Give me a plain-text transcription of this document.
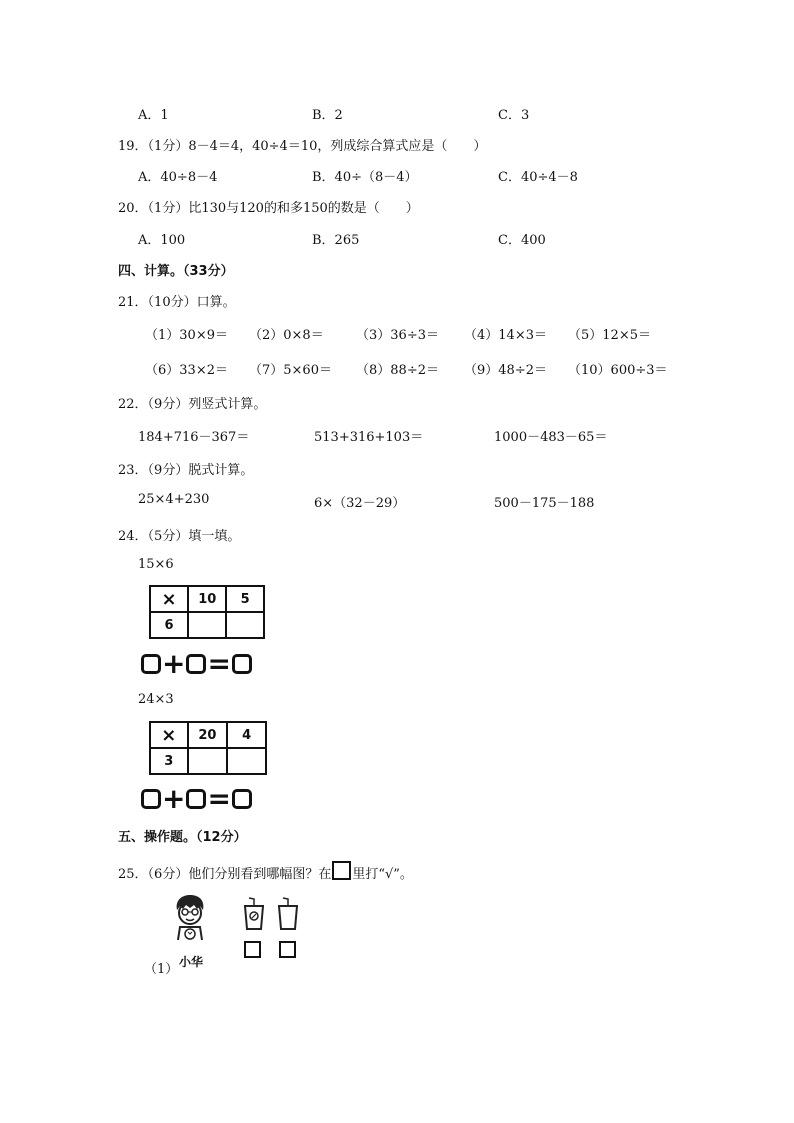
A．1	B．2	C．3
19．（1分）8－4＝4，40÷4＝10，列成综合算式应是（　　）
A．40÷8－4	B．40÷（8－4）	C．40÷4－8
20．（1分）比130与120的和多150的数是（　　）
A．100	B．265	C．400
四、计算。（33分）
21．（10分）口算。
（1）30×9＝ （2）0×8＝ （3）36÷3＝ （4）14×3＝ （5）12×5＝
（6）33×2＝ （7）5×60＝ （8）88÷2＝ （9）48÷2＝ （10）600÷3＝
22．（9分）列竖式计算。
184+716－367＝	513+316+103＝	1000－483－65＝
23．（9分）脱式计算。
25×4+230	6×（32－29）	500－175－188
24．（5分）填一填。
15×6
×	10	5
6		
+ =
24×3
×	20	4
3		
+ =
五、操作题。（12分）
25．（6分）他们分别看到哪幅图？在 里打“√”。
（1） 小华
